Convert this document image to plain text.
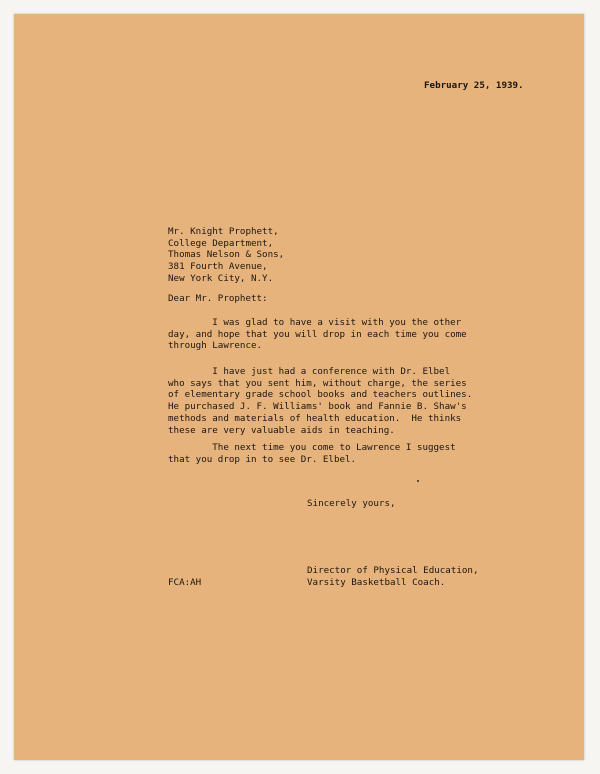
February 25, 1939.
Mr. Knight Prophett,
College Department,
Thomas Nelson & Sons,
381 Fourth Avenue,
New York City, N.Y.
Dear Mr. Prophett:
I was glad to have a visit with you the other
day, and hope that you will drop in each time you come
through Lawrence.
I have just had a conference with Dr. Elbel
who says that you sent him, without charge, the series
of elementary grade school books and teachers outlines.
He purchased J. F. Williams' book and Fannie B. Shaw's
methods and materials of health education.  He thinks
these are very valuable aids in teaching.
The next time you come to Lawrence I suggest
that you drop in to see Dr. Elbel.
Sincerely yours,
Director of Physical Education,
Varsity Basketball Coach.
FCA:AH
